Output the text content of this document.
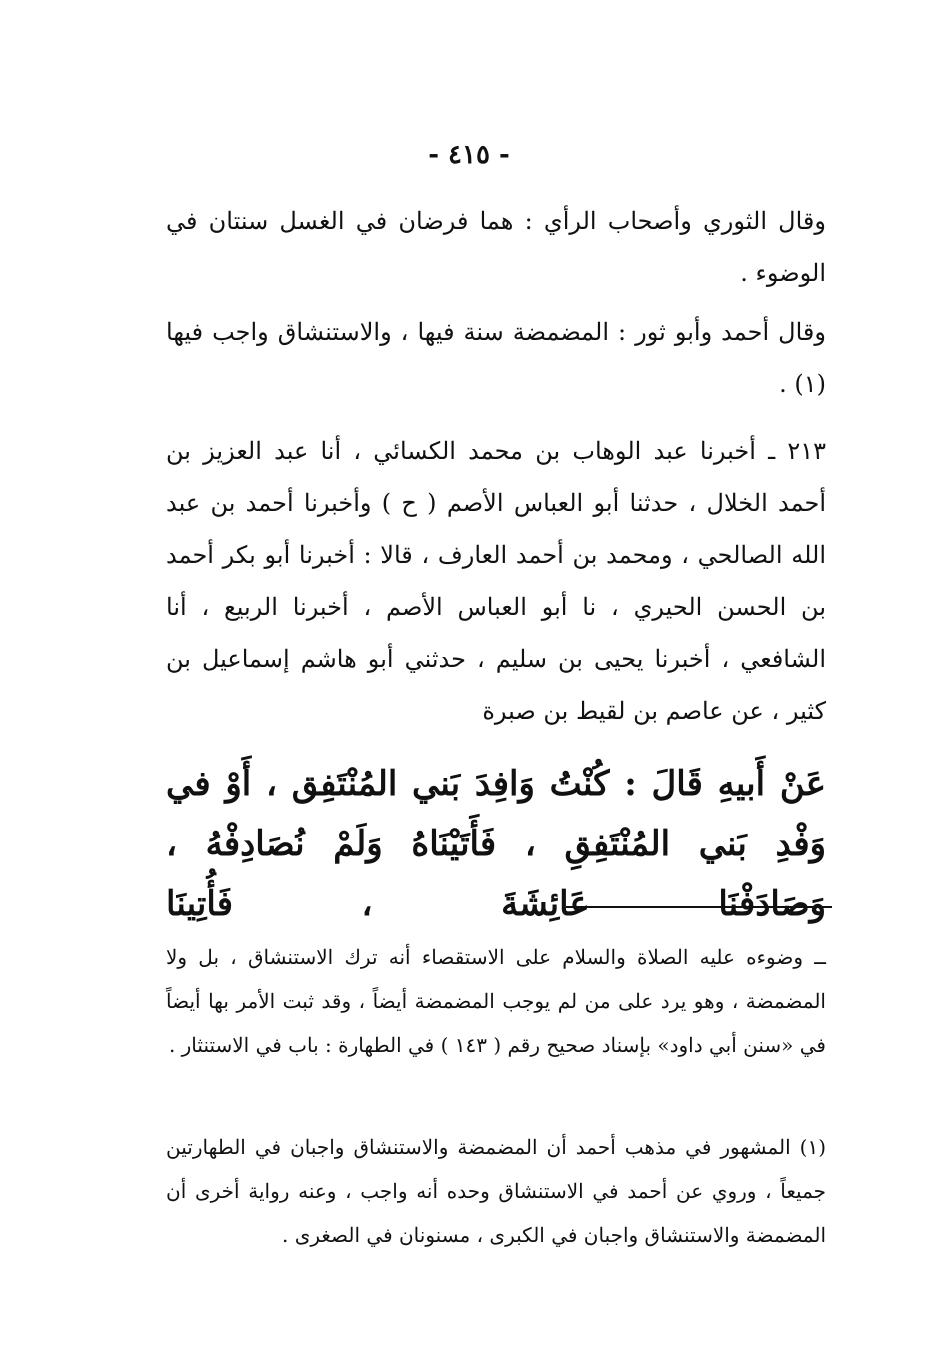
- ٤١٥ -

وقال الثوري وأصحاب الرأي : هما فرضان في الغسل سنتان في الوضوء .

وقال أحمد وأبو ثور : المضمضة سنة فيها ، والاستنشاق واجب فيها (١) .

٢١٣ ـ أخبرنا عبد الوهاب بن محمد الكسائي ، أنا عبد العزيز بن أحمد الخلال ، حدثنا أبو العباس الأصم ( ح ) وأخبرنا أحمد بن عبد الله الصالحي ، ومحمد بن أحمد العارف ، قالا : أخبرنا أبو بكر أحمد بن الحسن الحيري ، نا أبو العباس الأصم ، أخبرنا الربيع ، أنا الشافعي ، أخبرنا يحيى بن سليم ، حدثني أبو هاشم إسماعيل بن كثير ، عن عاصم بن لقيط بن صبرة

عَنْ أَبيهِ قَالَ : كُنْتُ وَافِدَ بَني المُنْتَفِق ، أَوْ في وَفْدِ بَني المُنْتَفِقِ ، فَأَتَيْنَاهُ وَلَمْ نُصَادِفْهُ ، وَصَادَفْنَا عَائِشَةَ ، فَأُتِينَا

ــ وضوءه عليه الصلاة والسلام على الاستقصاء أنه ترك الاستنشاق ، بل ولا المضمضة ، وهو يرد على من لم يوجب المضمضة أيضاً ، وقد ثبت الأمر بها أيضاً في «سنن أبي داود» بإسناد صحيح رقم ( ١٤٣ ) في الطهارة : باب في الاستنثار .

(١) المشهور في مذهب أحمد أن المضمضة والاستنشاق واجبان في الطهارتين جميعاً ، وروي عن أحمد في الاستنشاق وحده أنه واجب ، وعنه رواية أخرى أن المضمضة والاستنشاق واجبان في الكبرى ، مسنونان في الصغرى .
